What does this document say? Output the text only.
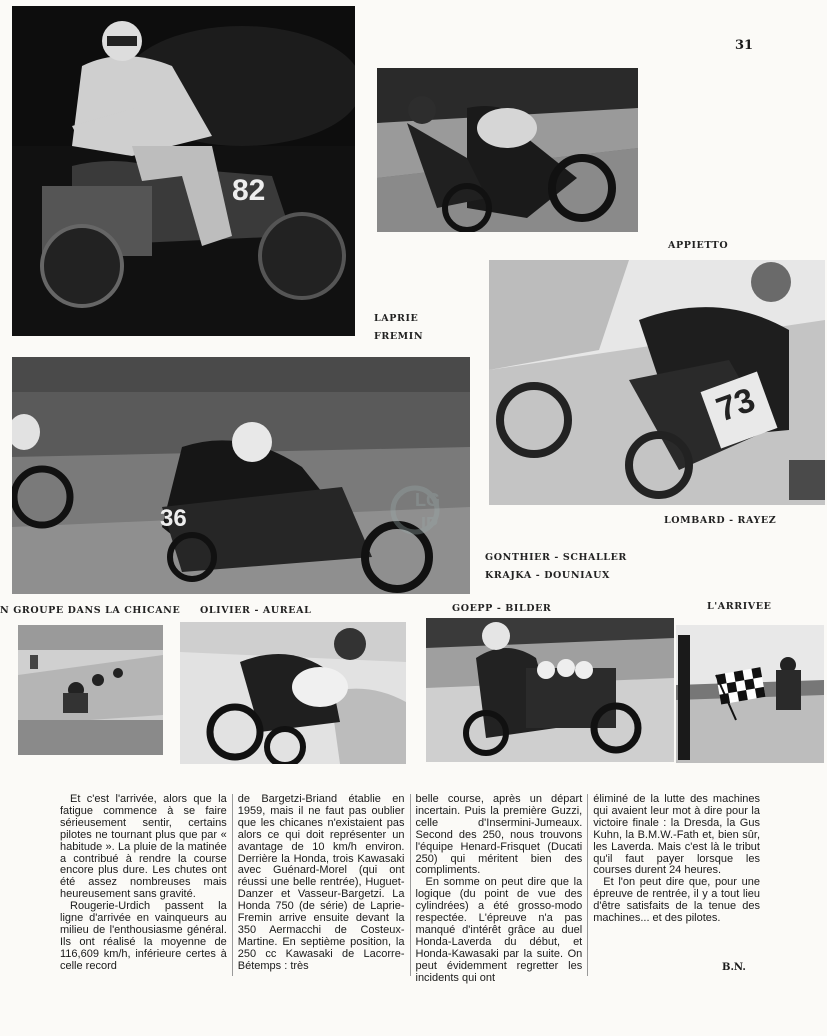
31
82
LAPRIE
FREMIN
APPIETTO
73
LOMBARD - RAYEZ
36
LG
IP
GONTHIER - SCHALLER
KRAJKA - DOUNIAUX
N GROUPE DANS LA CHICANE OLIVIER - AUREAL	GOEPP - BILDER	L'ARRIVEE

Et c'est l'arrivée, alors que la fatigue commence à se faire sérieusement sentir, certains pilotes ne tournant plus que par « habitude ». La pluie de la matinée a contribué à rendre la course encore plus dure. Les chutes ont été assez nombreuses mais heureusement sans gravité.

Rougerie-Urdich passent la ligne d'arrivée en vainqueurs au milieu de l'enthousiasme général. Ils ont réalisé la moyenne de 116,609 km/h, inférieure certes à celle record

de Bargetzi-Briand établie en 1959, mais il ne faut pas oublier que les chicanes n'existaient pas alors ce qui doit représenter un avantage de 10 km/h environ. Derrière la Honda, trois Kawasaki avec Guénard-Morel (qui ont réussi une belle rentrée), Huguet-Danzer et Vasseur-Bargetzi. La Honda 750 (de série) de Laprie-Fremin arrive ensuite devant la 350 Aermacchi de Costeux-Martine. En septième position, la 250 cc Kawasaki de Lacorre-Bétemps : très

belle course, après un départ incertain. Puis la première Guzzi, celle d'Insermini-Jumeaux. Second des 250, nous trouvons l'équipe Henard-Frisquet (Ducati 250) qui méritent bien des compliments.

En somme on peut dire que la logique (du point de vue des cylindrées) a été grosso-modo respectée. L'épreuve n'a pas manqué d'intérêt grâce au duel Honda-Laverda du début, et Honda-Kawasaki par la suite. On peut évidemment regretter les incidents qui ont

éliminé de la lutte des machines qui avaient leur mot à dire pour la victoire finale : la Dresda, la Gus Kuhn, la B.M.W.-Fath et, bien sûr, les Laverda. Mais c'est là le tribut qu'il faut payer lorsque les courses durent 24 heures.

Et l'on peut dire que, pour une épreuve de rentrée, il y a tout lieu d'être satisfaits de la tenue des machines... et des pilotes.

B.N.
